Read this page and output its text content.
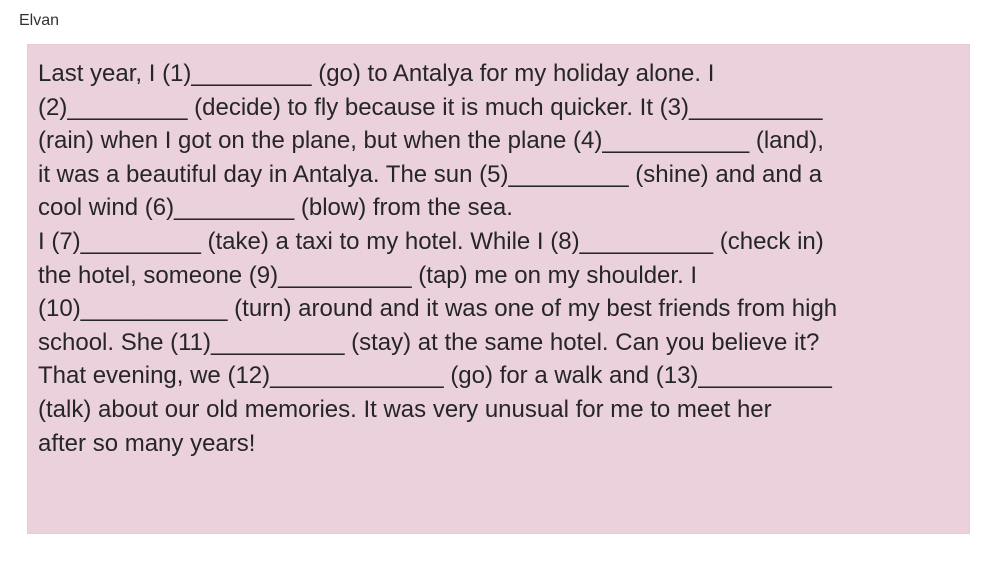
Elvan
Last year, I (1)_________ (go) to Antalya for my holiday alone. I
(2)_________ (decide) to fly because it is much quicker. It (3)__________
(rain) when I got on the plane, but when the plane (4)___________ (land),
it was a beautiful day in Antalya. The sun (5)_________ (shine) and and a
cool wind (6)_________ (blow) from the sea.
I (7)_________ (take) a taxi to my hotel. While I (8)__________ (check in)
the hotel, someone (9)__________ (tap) me on my shoulder. I
(10)___________ (turn) around and it was one of my best friends from high
school. She (11)__________ (stay) at the same hotel. Can you believe it?
That evening, we (12)_____________ (go) for a walk and (13)__________
(talk) about our old memories. It was very unusual for me to meet her
after so many years!
